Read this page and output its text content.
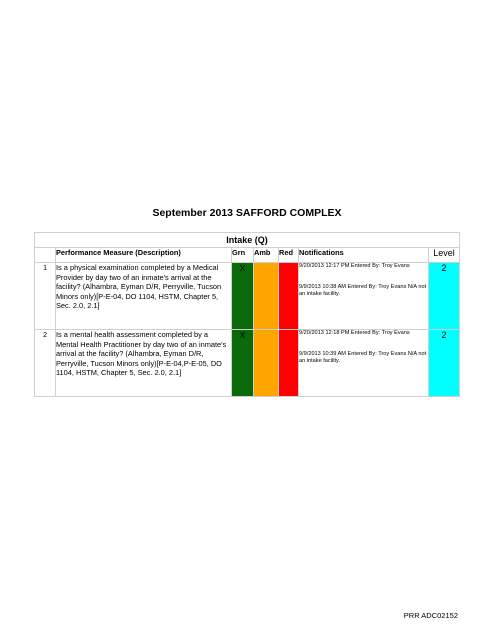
September 2013 SAFFORD COMPLEX
Intake (Q)						
	Performance Measure (Description)	Grn	Amb	Red	Notifications	Level
1	Is a physical examination completed by a Medical Provider by day two of an inmate's arrival at the facility? (Alhambra, Eyman D/R, Perryville, Tucson Minors only)[P-E-04, DO 1104, HSTM, Chapter 5, Sec. 2.0, 2.1]	X			9/20/2013 12:17 PM Entered By: Troy Evans
9/9/2013 10:38 AM Entered By: Troy Evans N/A not an intake facility.	2
2	Is a mental health assessment completed by a Mental Health Practitioner by day two of an inmate's arrival at the facility? (Alhambra, Eyman D/R, Perryville, Tucson Minors only)[P-E-04,P-E-05, DO 1104, HSTM, Chapter 5, Sec. 2.0, 2.1]	X			9/20/2013 12:18 PM Entered By: Troy Evans
9/9/2013 10:39 AM Entered By: Troy Evans N/A not an intake facility.	2
PRR ADC02152
